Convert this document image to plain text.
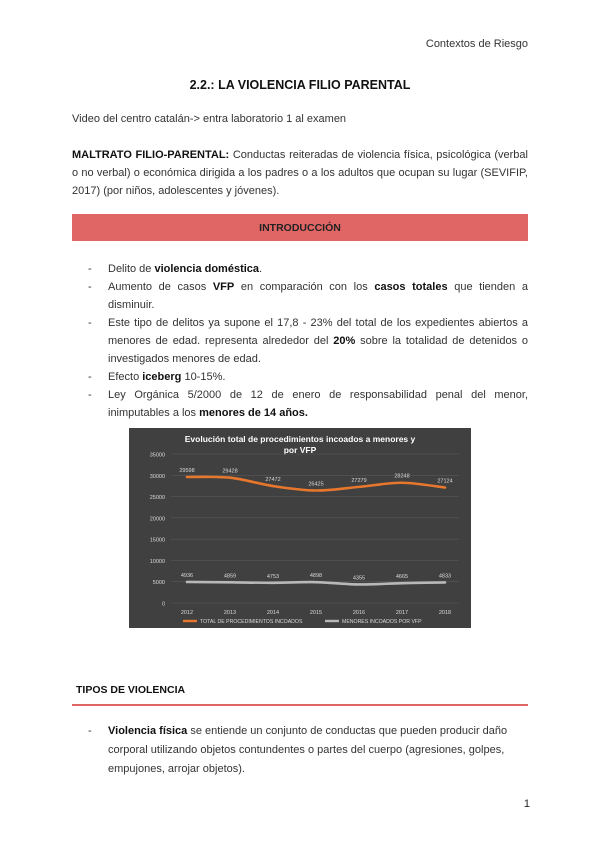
Contextos de Riesgo
2.2.: LA VIOLENCIA FILIO PARENTAL
Video del centro catalán-> entra laboratorio 1 al examen
MALTRATO FILIO-PARENTAL: Conductas reiteradas de violencia física, psicológica (verbal o no verbal) o económica dirigida a los padres o a los adultos que ocupan su lugar (SEVIFIP, 2017) (por niños, adolescentes y jóvenes).
INTRODUCCIÓN
- Delito de violencia doméstica.
- Aumento de casos VFP en comparación con los casos totales que tienden a disminuir.
- Este tipo de delitos ya supone el 17,8 - 23% del total de los expedientes abiertos a menores de edad. representa alrededor del 20% sobre la totalidad de detenidos o investigados menores de edad.
- Efecto iceberg 10-15%.
- Ley Orgánica 5/2000 de 12 de enero de responsabilidad penal del menor, inimputables a los menores de 14 años.
Evolución total de procedimientos incoados a menores y
por VFP
35000
30000
25000
20000
15000
10000
5000
0
2012	2013	2014	2015	2016	2017	2018
29598	29428
27472
26425
27279
28248
27124
4936	4859	4753	4898	4355	4665	4833
TOTAL DE PROCEDIMIENTOS INCOADOS	MENORES INCOADOS POR VFP
TIPOS DE VIOLENCIA
- Violencia física se entiende un conjunto de conductas que pueden producir daño corporal utilizando objetos contundentes o partes del cuerpo (agresiones, golpes, empujones, arrojar objetos).
1
